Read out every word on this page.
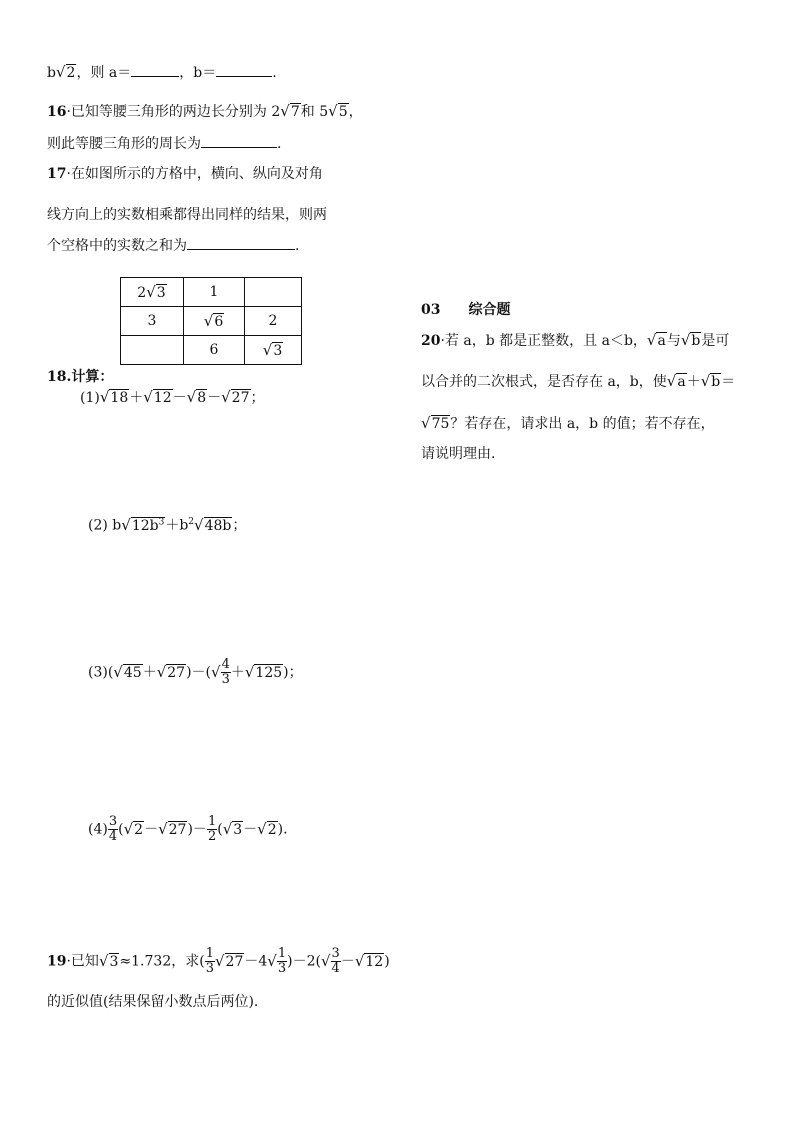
b √ 2，则 a＝	，b＝	.
16·已知等腰三角形的两边长分别为 2 √ 7和 5 √ 5，
则此等腰三角形的周长为	.
17·在如图所示的方格中，横向、纵向及对角
线方向上的实数相乘都得出同样的结果，则两
个空格中的实数之和为	.
2 √ 3	1	
3	√ 6	2
	6	√ 3
18.计算：
(1) √ 18＋ √ 12－ √ 8－ √ 27；
(2) b √ $12b^3+b^2$ √ 48b；
(3)( √ 45＋ √ 27)－( √ $\frac{4}{3}$ ＋ √ 125)；
$(4) \frac{3}{4}$ ( √ 2－ √ $27)- \frac{1}{2}$ ( √ 3－ √ 2).
19·已知 √ 3≈1.732，求( $\frac{1}{3}$ √ 27－4 √ $\frac{1}{3} )-2$( √ $\frac{3}{4}$ － √ 12)
的近似值(结果保留小数点后两位).
03 综合题
20·若 a，b 都是正整数，且 a＜b， √ a与 √ b是可
以合并的二次根式，是否存在 a，b，使 √ a＋ √ b＝
√ 75？若存在，请求出 a，b 的值；若不存在，
请说明理由.
